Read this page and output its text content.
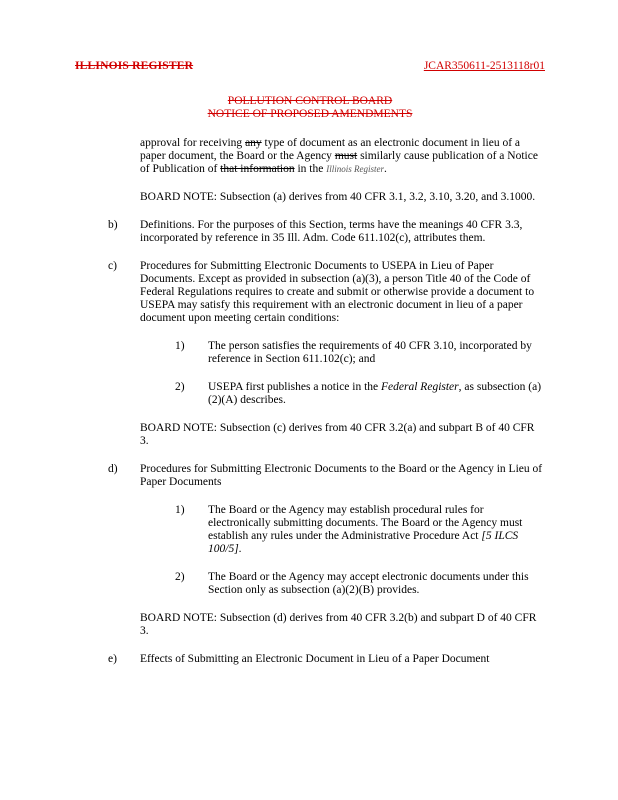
ILLINOIS REGISTER	JCAR350611-2513118r01
POLLUTION CONTROL BOARD
NOTICE OF PROPOSED AMENDMENTS
approval for receiving any type of document as an electronic document in lieu of a paper document, the Board or the Agency must similarly cause publication of a Notice of Publication of that information in the Illinois Register.
BOARD NOTE: Subsection (a) derives from 40 CFR 3.1, 3.2, 3.10, 3.20, and 3.1000.
b)	Definitions. For the purposes of this Section, terms have the meanings 40 CFR 3.3, incorporated by reference in 35 Ill. Adm. Code 611.102(c), attributes them.
c)	Procedures for Submitting Electronic Documents to USEPA in Lieu of Paper Documents. Except as provided in subsection (a)(3), a person Title 40 of the Code of Federal Regulations requires to create and submit or otherwise provide a document to USEPA may satisfy this requirement with an electronic document in lieu of a paper document upon meeting certain conditions:
1)	The person satisfies the requirements of 40 CFR 3.10, incorporated by reference in Section 611.102(c); and
2)	USEPA first publishes a notice in the Federal Register, as subsection (a)(2)(A) describes.
BOARD NOTE: Subsection (c) derives from 40 CFR 3.2(a) and subpart B of 40 CFR 3.
d)	Procedures for Submitting Electronic Documents to the Board or the Agency in Lieu of Paper Documents
1)	The Board or the Agency may establish procedural rules for electronically submitting documents. The Board or the Agency must establish any rules under the Administrative Procedure Act [5 ILCS 100/5].
2)	The Board or the Agency may accept electronic documents under this Section only as subsection (a)(2)(B) provides.
BOARD NOTE: Subsection (d) derives from 40 CFR 3.2(b) and subpart D of 40 CFR 3.
e)	Effects of Submitting an Electronic Document in Lieu of a Paper Document
